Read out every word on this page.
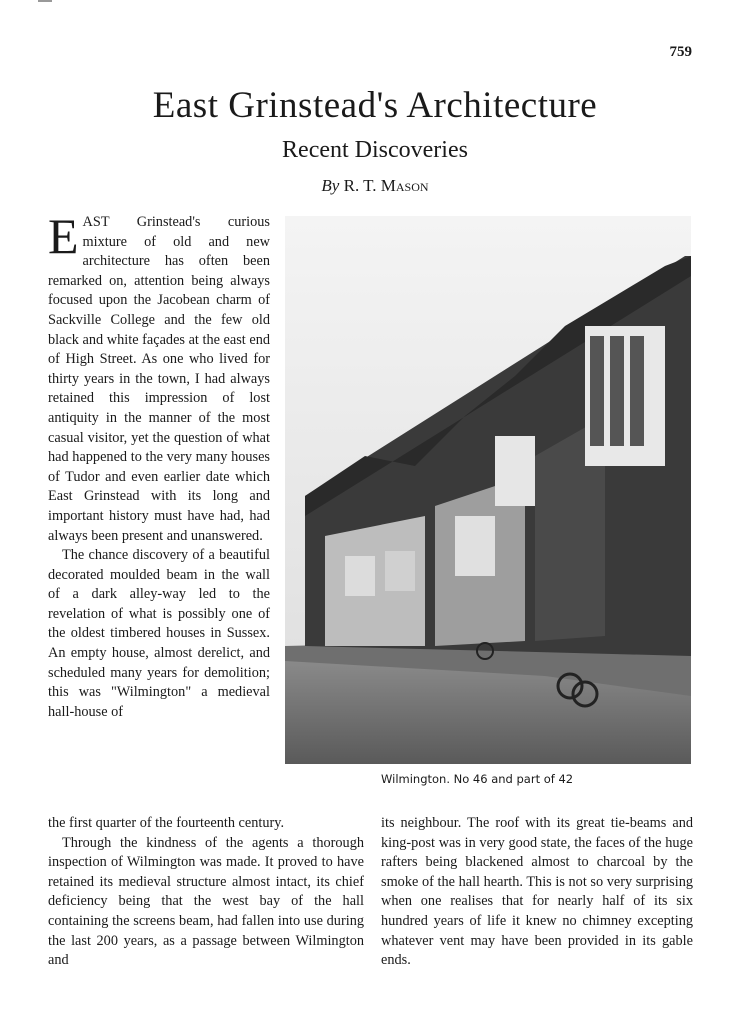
759
East Grinstead's Architecture
Recent Discoveries
By R. T. Mason

EAST Grinstead's curious mixture of old and new architecture has often been remarked on, attention being always focused upon the Jacobean charm of Sackville College and the few old black and white façades at the east end of High Street. As one who lived for thirty years in the town, I had always retained this impression of lost antiquity in the manner of the most casual visitor, yet the question of what had happened to the very many houses of Tudor and even earlier date which East Grinstead with its long and important history must have had, had always been present and unanswered.

The chance discovery of a beautiful decorated moulded beam in the wall of a dark alley-way led to the revelation of what is possibly one of the oldest timbered houses in Sussex. An empty house, almost derelict, and scheduled many years for demolition; this was "Wilmington" a medieval hall-house of

Wilmington. No 46 and part of 42

the first quarter of the fourteenth century.

Through the kindness of the agents a thorough inspection of Wilmington was made. It proved to have retained its medieval structure almost intact, its chief deficiency being that the west bay of the hall containing the screens beam, had fallen into use during the last 200 years, as a passage between Wilmington and

its neighbour. The roof with its great tie-beams and king-post was in very good state, the faces of the huge rafters being blackened almost to charcoal by the smoke of the hall hearth. This is not so very surprising when one realises that for nearly half of its six hundred years of life it knew no chimney excepting whatever vent may have been provided in its gable ends.
